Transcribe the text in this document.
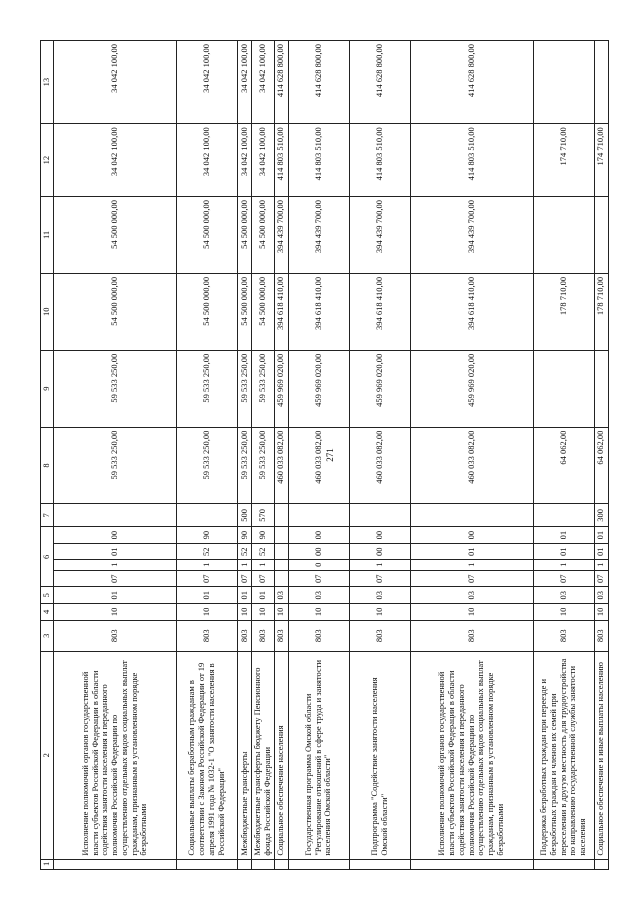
271
1	2	3	4	5	6				7	8	9	10	11	12	13
	Исполнение полномочий органов государственной власти субъектов Российской Федерации в области содействия занятости населения и переданного полномочия Российской Федерации по осуществлению отдельных видов социальных выплат гражданам, признанным в установленном порядке безработными	803	10	01	07	1	01	00		59 533 250,00	59 533 250,00	54 500 000,00	54 500 000,00	34 042 100,00	34 042 100,00
	Социальные выплаты безработным гражданам в соответствии с Законом Российской Федерации от 19 апреля 1991 года № 1032-1 "О занятости населения в Российской Федерации"	803	10	01	07	1	52	90		59 533 250,00	59 533 250,00	54 500 000,00	54 500 000,00	34 042 100,00	34 042 100,00
	Межбюджетные трансферты	803	10	01	07	1	52	90	500	59 533 250,00	59 533 250,00	54 500 000,00	54 500 000,00	34 042 100,00	34 042 100,00
	Межбюджетные трансферты бюджету Пенсионного фонда Российской Федерации	803	10	01	07	1	52	90	570	59 533 250,00	59 533 250,00	54 500 000,00	54 500 000,00	34 042 100,00	34 042 100,00
	Социальное обеспечение населения	803	10	03						460 033 082,00	459 969 020,00	394 618 410,00	394 439 700,00	414 803 510,00	414 628 800,00
	Государственная программа Омской области "Регулирование отношений в сфере труда и занятости населения Омской области"	803	10	03	07	0	00	00		460 033 082,00	459 969 020,00	394 618 410,00	394 439 700,00	414 803 510,00	414 628 800,00
	Подпрограмма "Содействие занятости населения Омской области"	803	10	03	07	1	00	00		460 033 082,00	459 969 020,00	394 618 410,00	394 439 700,00	414 803 510,00	414 628 800,00
	Исполнение полномочий органов государственной власти субъектов Российской Федерации в области содействия занятости населения и переданного полномочия Российской Федерации по осуществлению отдельных видов социальных выплат гражданам, признанным в установленном порядке безработными	803	10	03	07	1	01	00		460 033 082,00	459 969 020,00	394 618 410,00	394 439 700,00	414 803 510,00	414 628 800,00
	Поддержка безработных граждан при переезде и безработных граждан и членов их семей при переселении в другую местность для трудоустройства по направлению государственной службы занятости населения	803	10	03	07	1	01	01		64 062,00		178 710,00		174 710,00	
	Социальное обеспечение и иные выплаты населению	803	10	03	07	1	01	01	300	64 062,00		178 710,00		174 710,00	
